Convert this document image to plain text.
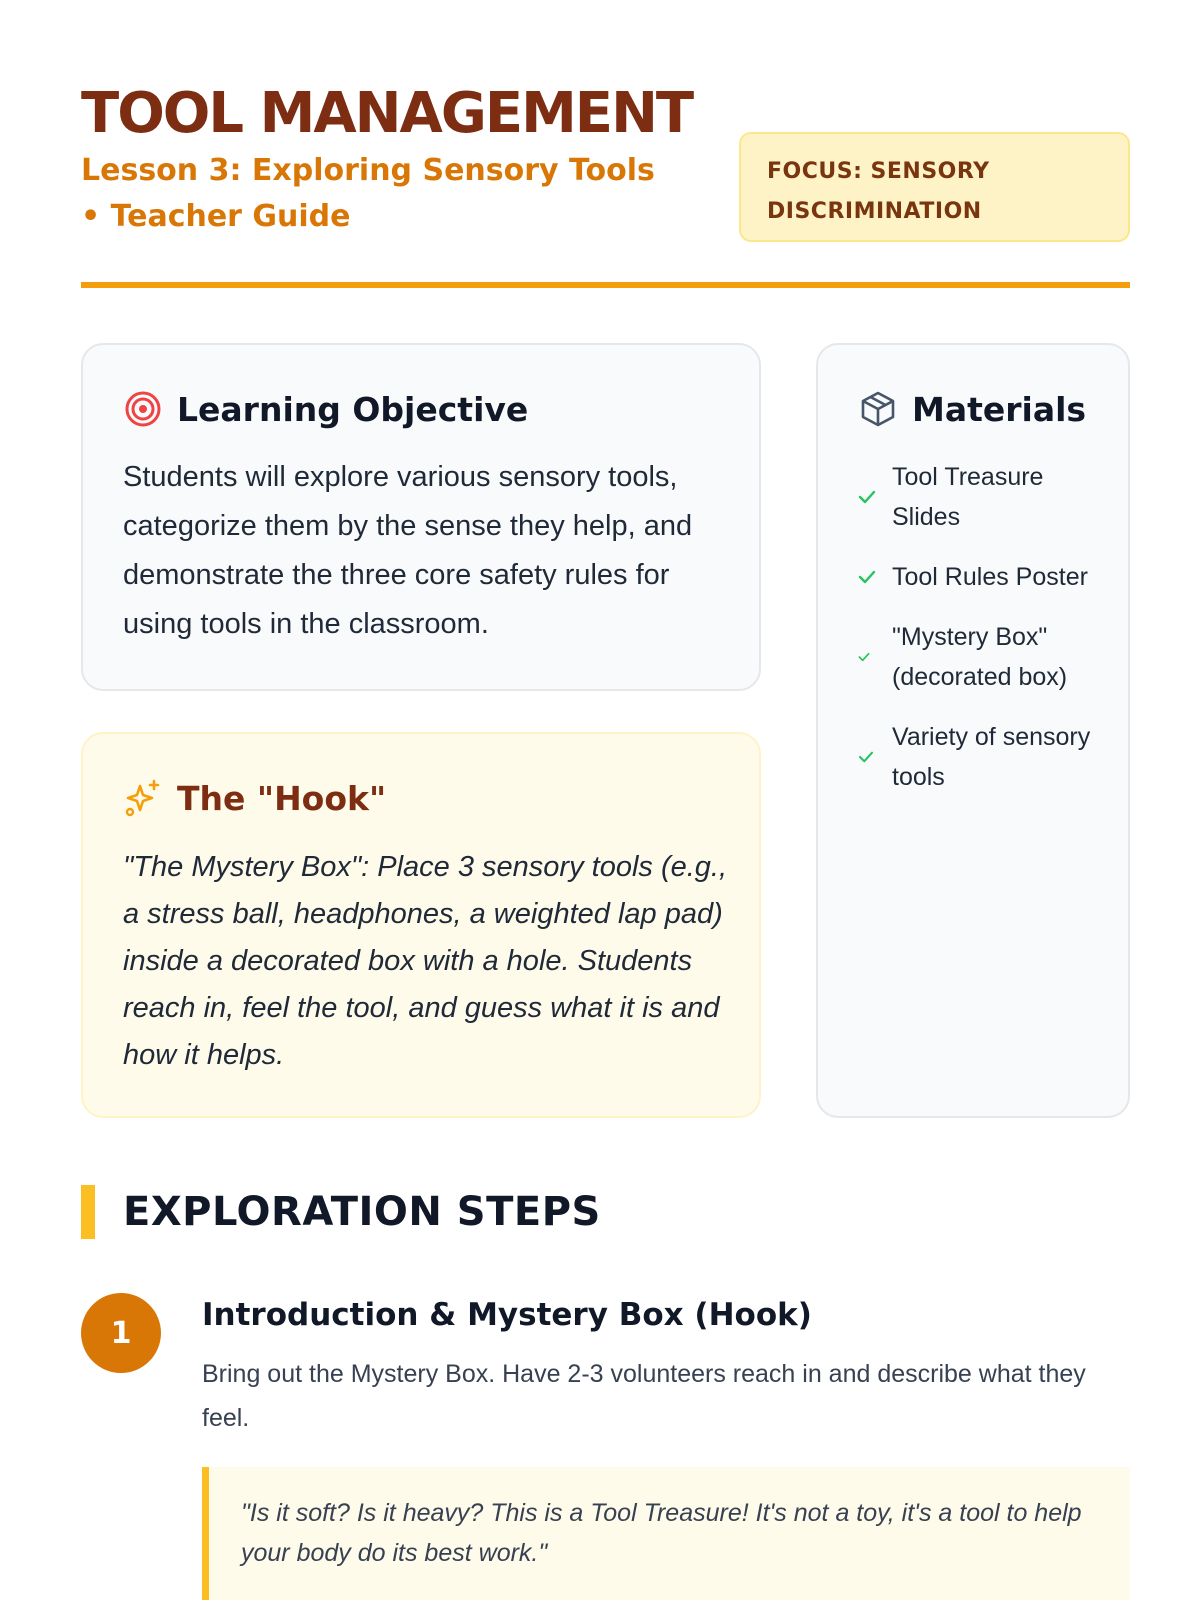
TOOL MANAGEMENT
Lesson 3: Exploring Sensory Tools • Teacher Guide
FOCUS: SENSORY DISCRIMINATION
Learning Objective

Students will explore various sensory tools, categorize them by the sense they help, and demonstrate the three core safety rules for using tools in the classroom.

The "Hook"

"The Mystery Box": Place 3 sensory tools (e.g., a stress ball, headphones, a weighted lap pad) inside a decorated box with a hole. Students reach in, feel the tool, and guess what it is and how it helps.

Materials
Tool Treasure Slides
Tool Rules Poster
"Mystery Box" (decorated box)
Variety of sensory tools
EXPLORATION STEPS
1	Introduction & Mystery Box (Hook)

Bring out the Mystery Box. Have 2-3 volunteers reach in and describe what they feel.

"Is it soft? Is it heavy? This is a Tool Treasure! It's not a toy, it's a tool to help your body do its best work."
